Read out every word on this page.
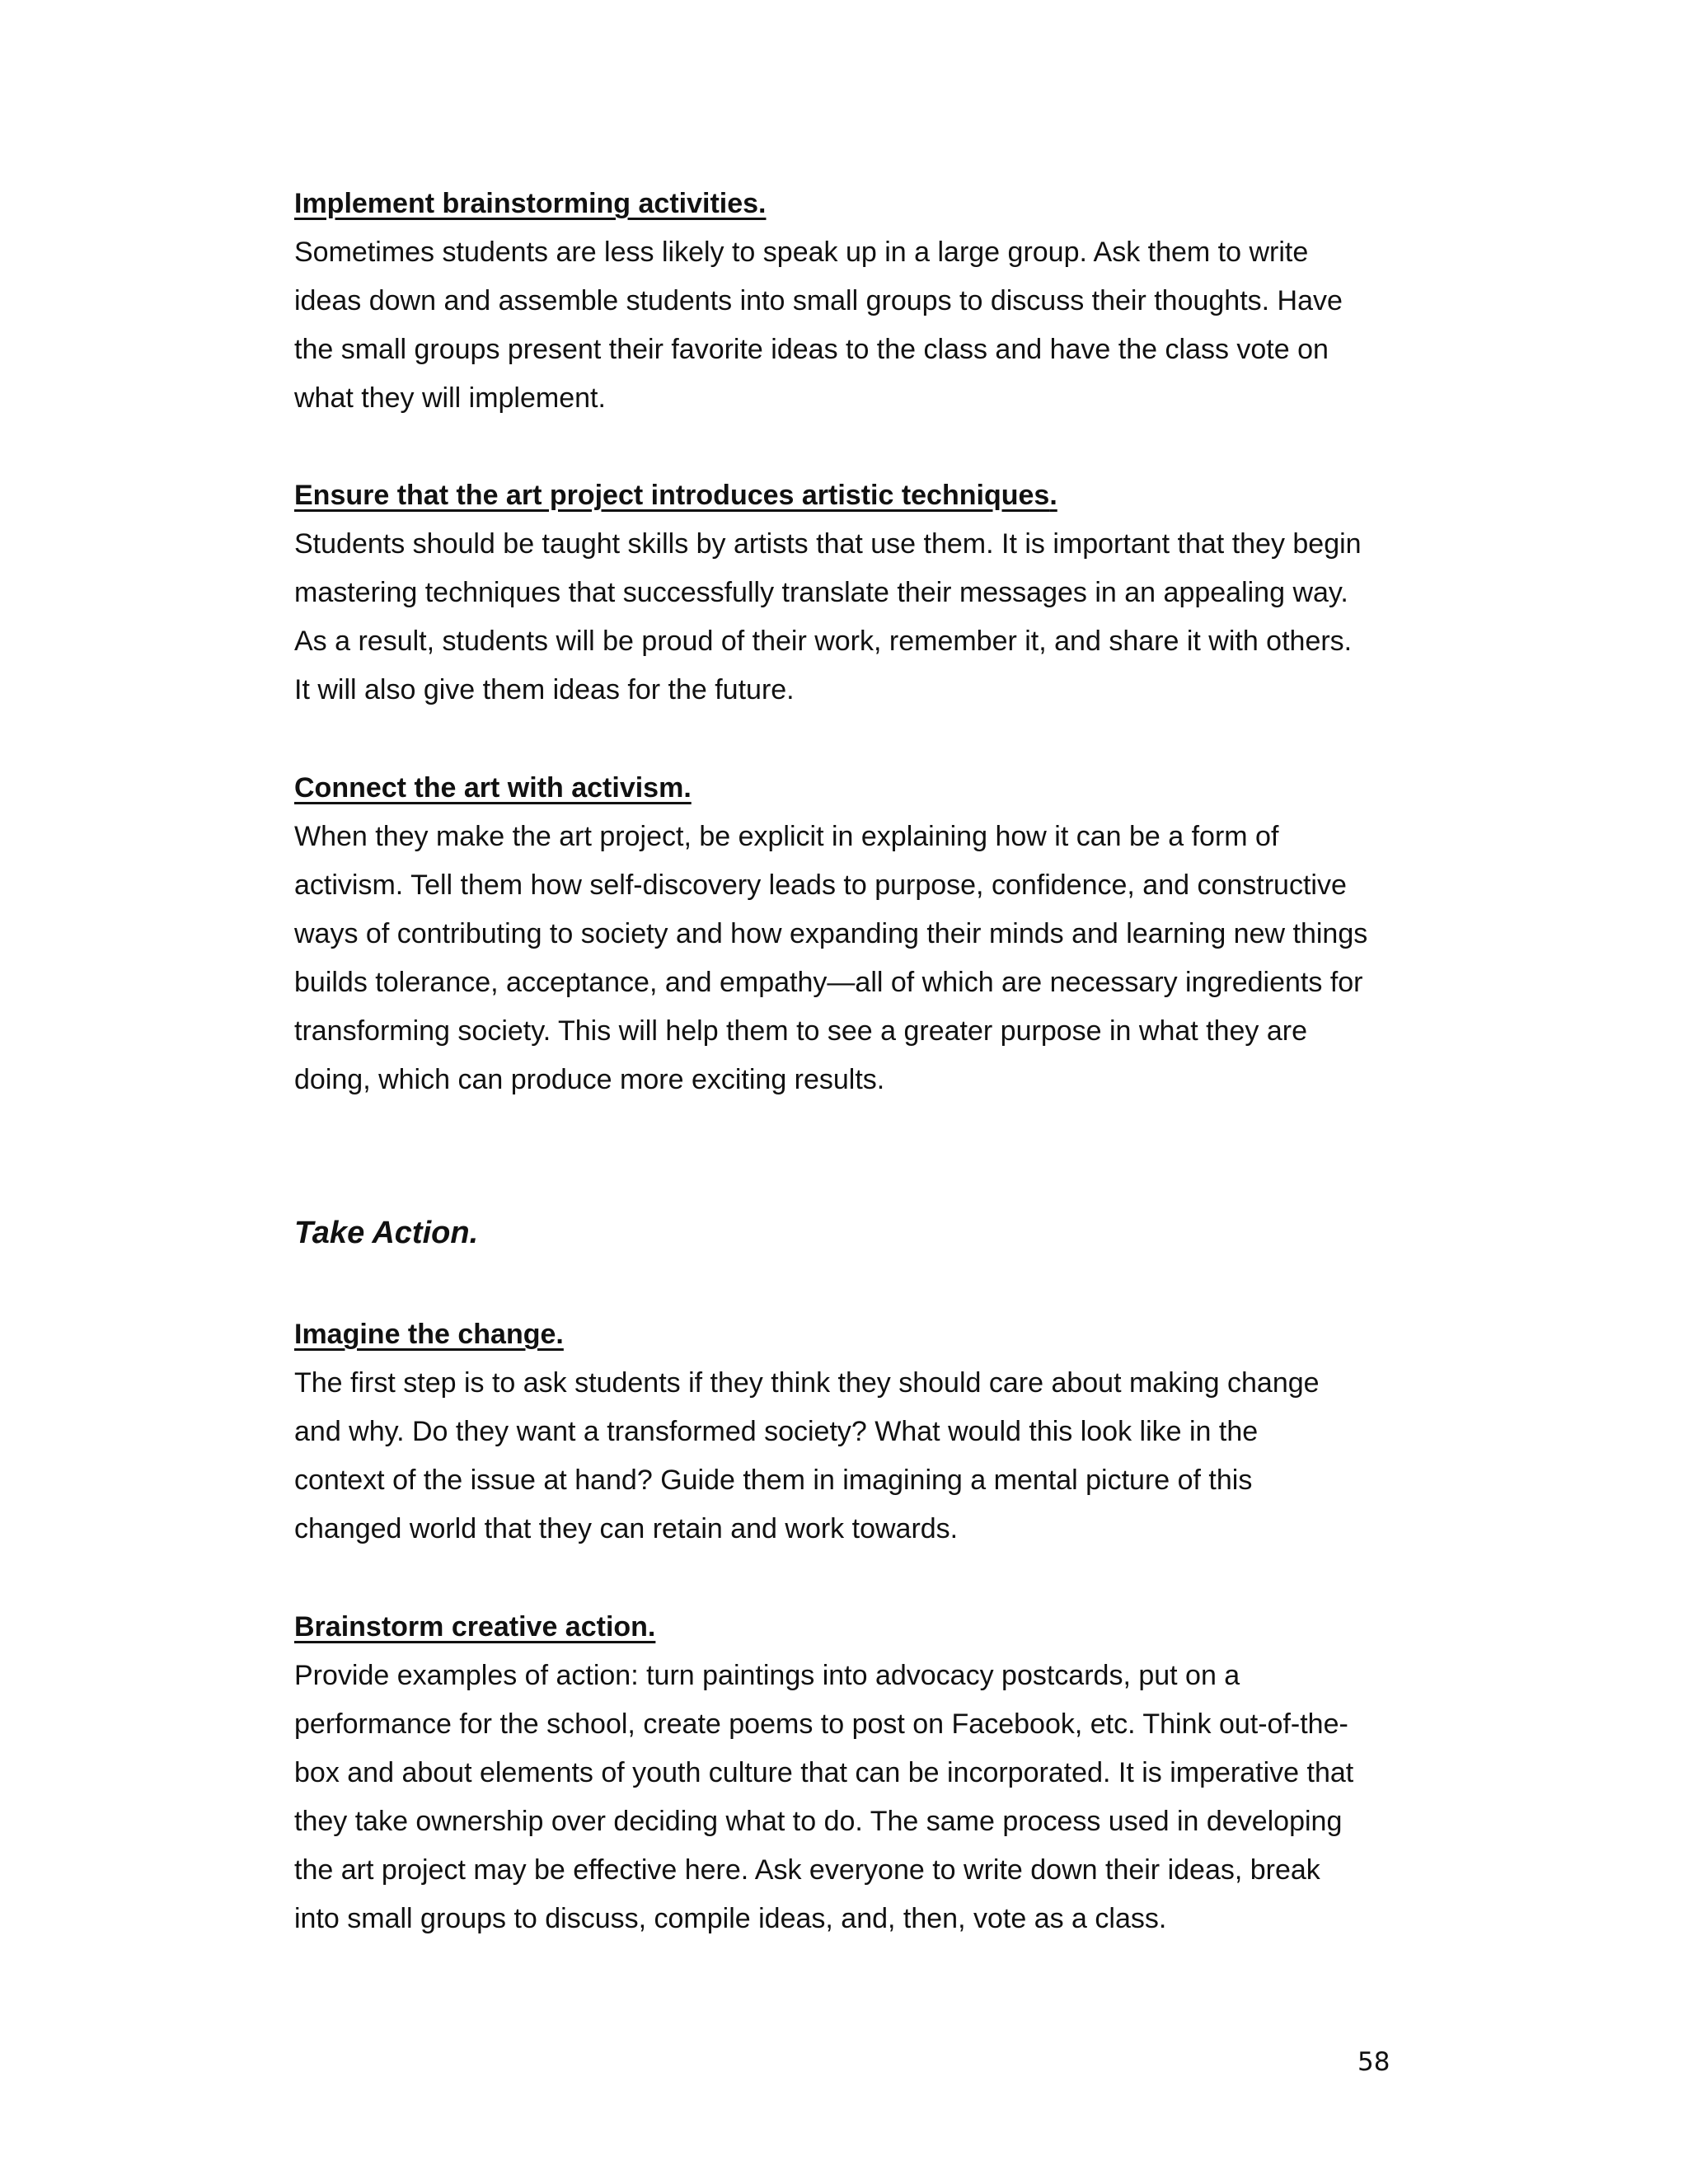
Implement brainstorming activities.

Sometimes students are less likely to speak up in a large group. Ask them to write

ideas down and assemble students into small groups to discuss their thoughts. Have

the small groups present their favorite ideas to the class and have the class vote on

what they will implement.

Ensure that the art project introduces artistic techniques.

Students should be taught skills by artists that use them. It is important that they begin

mastering techniques that successfully translate their messages in an appealing way.

As a result, students will be proud of their work, remember it, and share it with others.

It will also give them ideas for the future.

Connect the art with activism.

When they make the art project, be explicit in explaining how it can be a form of

activism. Tell them how self-discovery leads to purpose, confidence, and constructive

ways of contributing to society and how expanding their minds and learning new things

builds tolerance, acceptance, and empathy—all of which are necessary ingredients for

transforming society. This will help them to see a greater purpose in what they are

doing, which can produce more exciting results.

Take Action.

Imagine the change.

The first step is to ask students if they think they should care about making change

and why. Do they want a transformed society? What would this look like in the

context of the issue at hand? Guide them in imagining a mental picture of this

changed world that they can retain and work towards.

Brainstorm creative action.

Provide examples of action: turn paintings into advocacy postcards, put on a

performance for the school, create poems to post on Facebook, etc. Think out-of-the-

box and about elements of youth culture that can be incorporated. It is imperative that

they take ownership over deciding what to do. The same process used in developing

the art project may be effective here. Ask everyone to write down their ideas, break

into small groups to discuss, compile ideas, and, then, vote as a class.

58
